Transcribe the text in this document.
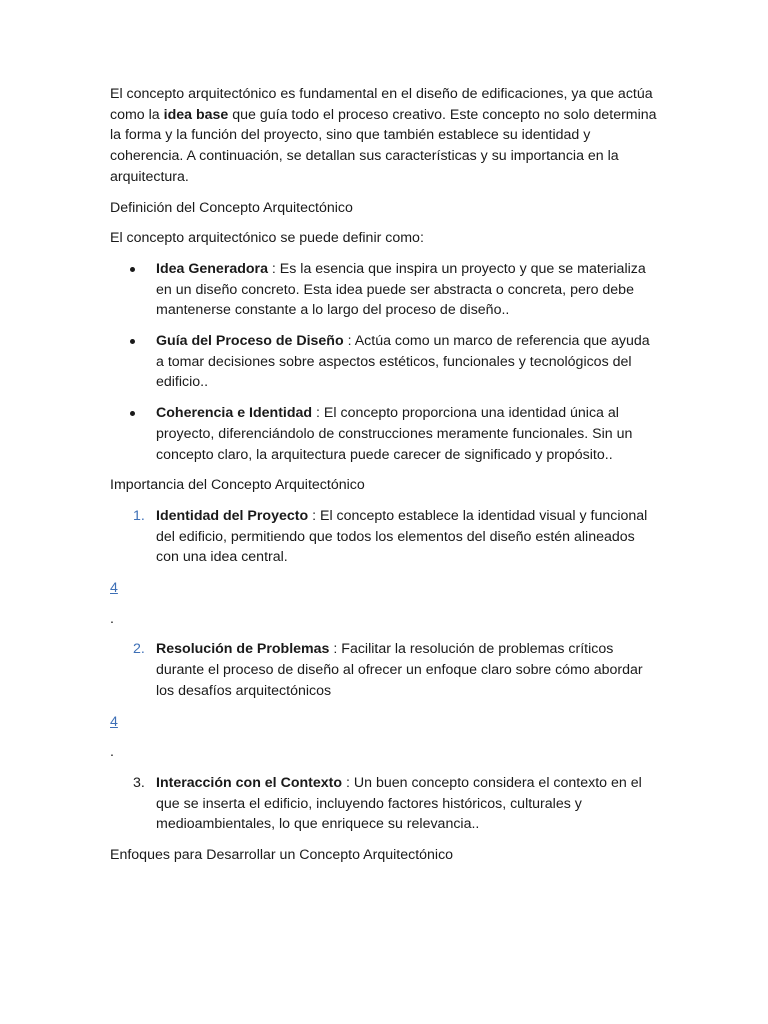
El concepto arquitectónico es fundamental en el diseño de edificaciones, ya que actúa como la idea base que guía todo el proceso creativo. Este concepto no solo determina la forma y la función del proyecto, sino que también establece su identidad y coherencia. A continuación, se detallan sus características y su importancia en la arquitectura.

Definición del Concepto Arquitectónico

El concepto arquitectónico se puede definir como:

Idea Generadora : Es la esencia que inspira un proyecto y que se materializa en un diseño concreto. Esta idea puede ser abstracta o concreta, pero debe mantenerse constante a lo largo del proceso de diseño..
Guía del Proceso de Diseño : Actúa como un marco de referencia que ayuda a tomar decisiones sobre aspectos estéticos, funcionales y tecnológicos del edificio..
Coherencia e Identidad : El concepto proporciona una identidad única al proyecto, diferenciándolo de construcciones meramente funcionales. Sin un concepto claro, la arquitectura puede carecer de significado y propósito..

Importancia del Concepto Arquitectónico

1. Identidad del Proyecto : El concepto establece la identidad visual y funcional del edificio, permitiendo que todos los elementos del diseño estén alineados con una idea central.
4

.

2. Resolución de Problemas : Facilitar la resolución de problemas críticos durante el proceso de diseño al ofrecer un enfoque claro sobre cómo abordar los desafíos arquitectónicos
4

.

3. Interacción con el Contexto : Un buen concepto considera el contexto en el que se inserta el edificio, incluyendo factores históricos, culturales y medioambientales, lo que enriquece su relevancia..

Enfoques para Desarrollar un Concepto Arquitectónico
